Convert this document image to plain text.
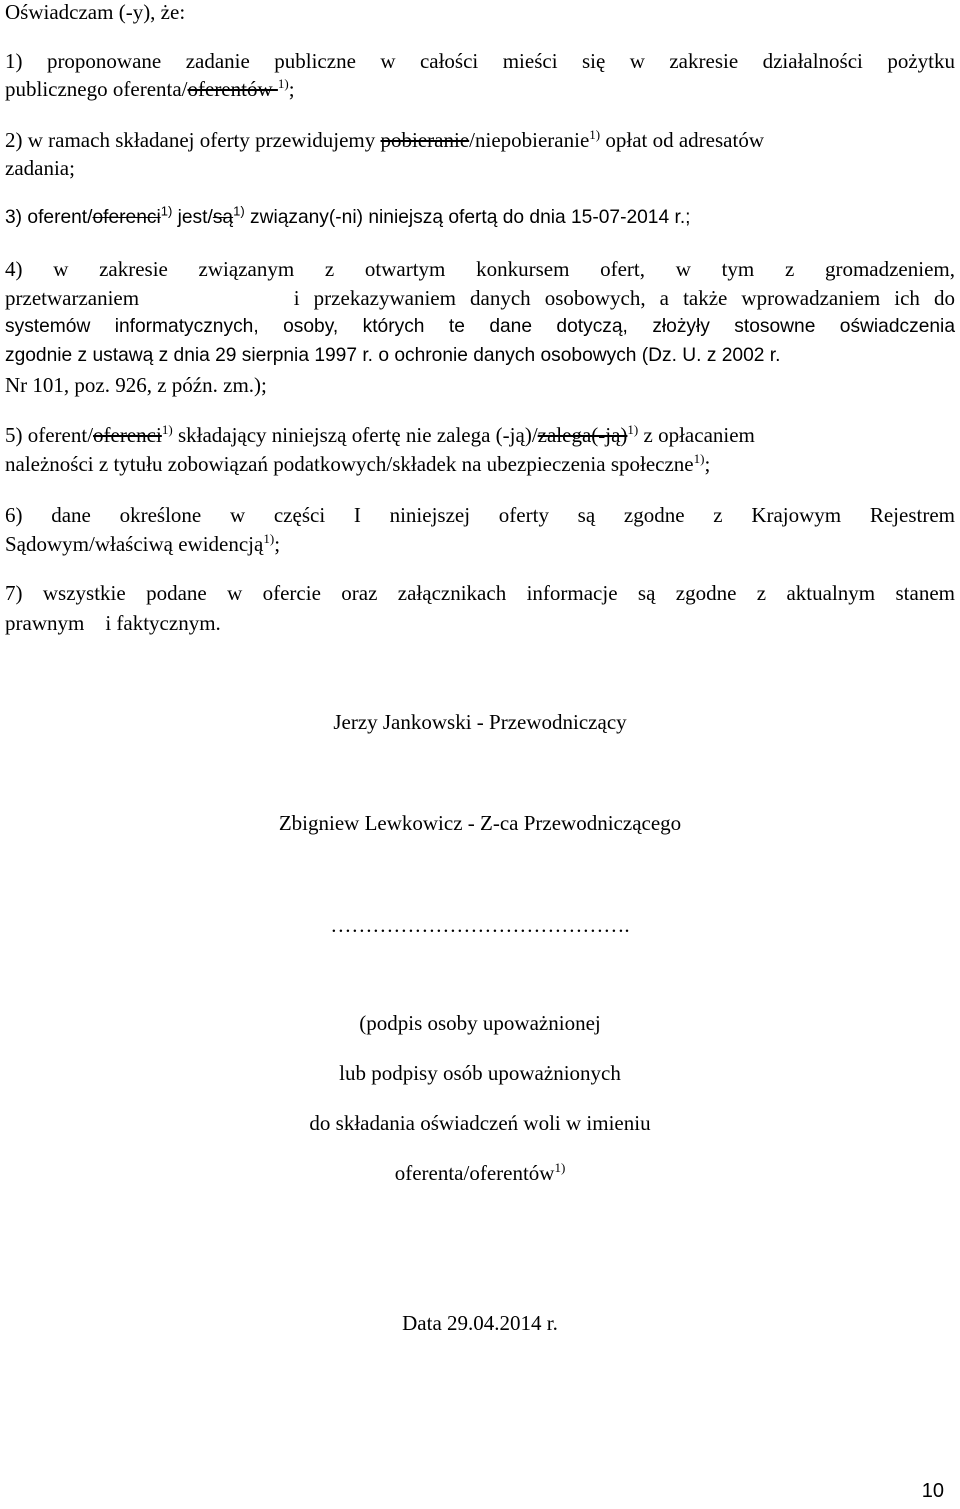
Oświadczam (-y), że:
1) proponowane zadanie publiczne w całości mieści się w zakresie działalności pożytku
publicznego oferenta/oferentów $^{1)}$;
2) w ramach składanej oferty przewidujemy pobieranie/niepobieranie$^{1)}$ opłat od adresatów
zadania;
3) oferent/oferenci$^{1)}$ jest/$są^{1)}$ związany(-ni) niniejszą ofertą do dnia 15-07-2014 r.;
4) w zakresie związanym z otwartym konkursem ofert, w tym z gromadzeniem,
przetwarzaniem           i przekazywaniem danych osobowych, a także wprowadzaniem ich do
systemów informatycznych, osoby, których te dane dotyczą, złożyły stosowne oświadczenia
zgodnie z ustawą z dnia 29 sierpnia 1997 r. o ochronie danych osobowych (Dz. U. z 2002 r.
Nr 101, poz. 926, z późn. zm.);
5) oferent/oferenci$^{1)}$ składający niniejszą ofertę nie zalega (-ją)/zalega(-ją)$^{1)}$ z opłacaniem
należności z tytułu zobowiązań podatkowych/składek na ubezpieczenia społeczne$^{1)}$;
6) dane określone w części I niniejszej oferty są zgodne z Krajowym Rejestrem
Sądowym/właściwą ewidencją$^{1)}$;
7) wszystkie podane w ofercie oraz załącznikach informacje są zgodne z aktualnym stanem
prawnym    i faktycznym.
Jerzy Jankowski - Przewodniczący
Zbigniew Lewkowicz - Z-ca Przewodniczącego
…………………………………….
(podpis osoby upoważnionej
lub podpisy osób upoważnionych
do składania oświadczeń woli w imieniu
oferenta/oferentów$^{1)}$
Data 29.04.2014 r.
10
